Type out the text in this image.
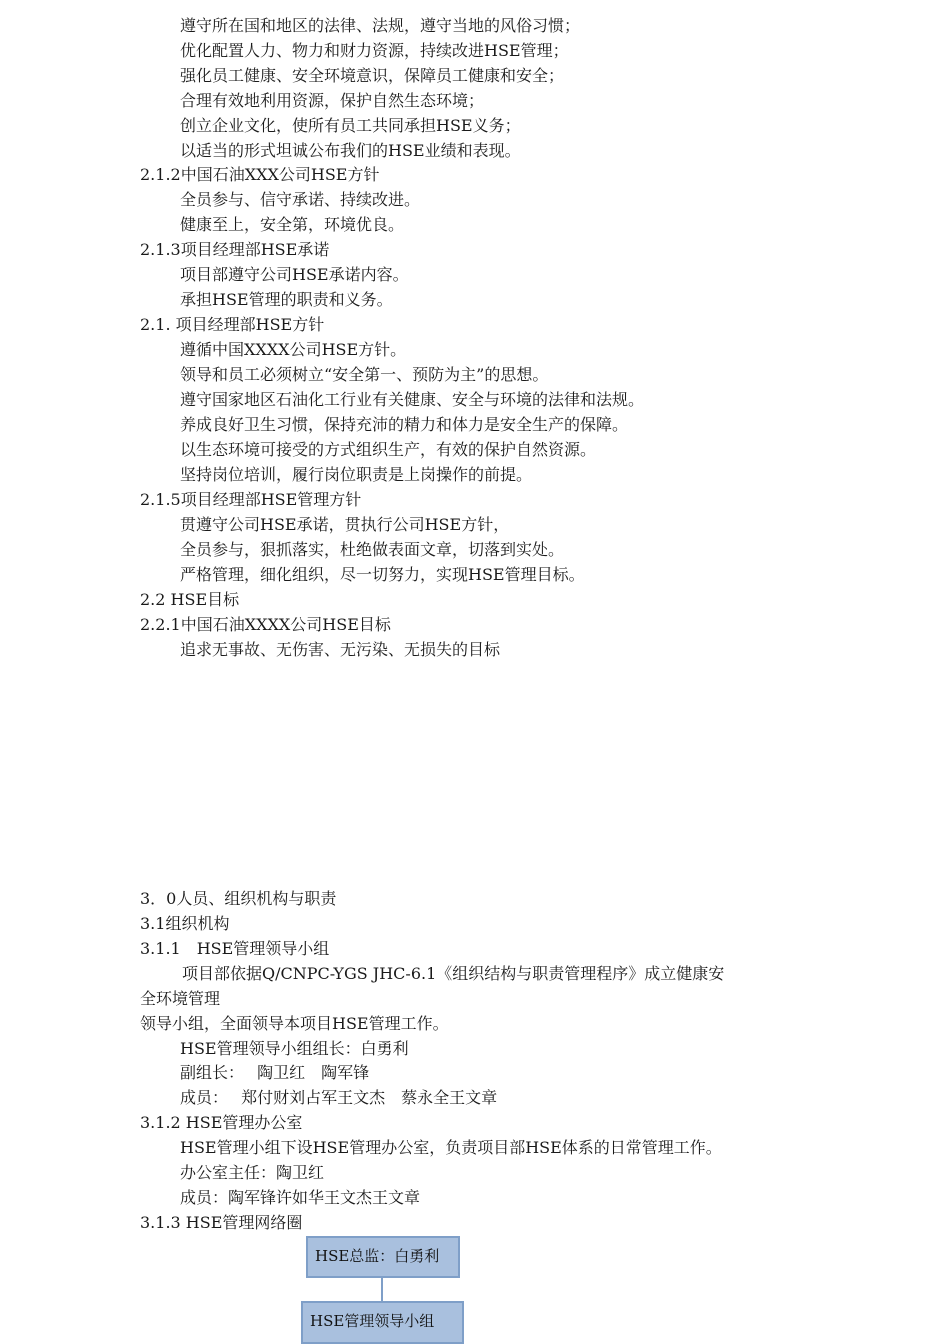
遵守所在国和地区的法律、法规，遵守当地的风俗习惯；
优化配置人力、物力和财力资源，持续改进HSE管理；
强化员工健康、安全环境意识，保障员工健康和安全；
合理有效地利用资源，保护自然生态环境；
创立企业文化，使所有员工共同承担HSE义务；
以适当的形式坦诚公布我们的HSE业绩和表现。
2.1.2中国石油XXX公司HSE方针
全员参与、信守承诺、持续改进。
健康至上，安全第，环境优良。
2.1.3项目经理部HSE承诺
项目部遵守公司HSE承诺内容。
承担HSE管理的职责和义务。
2.1. 项目经理部HSE方针
遵循中国XXXX公司HSE方针。
领导和员工必须树立“安全第一、预防为主”的思想。
遵守国家地区石油化工行业有关健康、安全与环境的法律和法规。
养成良好卫生习惯，保持充沛的精力和体力是安全生产的保障。
以生态环境可接受的方式组织生产，有效的保护自然资源。
坚持岗位培训，履行岗位职责是上岗操作的前提。
2.1.5项目经理部HSE管理方针
贯遵守公司HSE承诺，贯执行公司HSE方针，
全员参与，狠抓落实，杜绝做表面文章，切落到实处。
严格管理，细化组织，尽一切努力，实现HSE管理目标。
2.2 HSE目标
2.2.1中国石油XXXX公司HSE目标
追求无事故、无伤害、无污染、无损失的目标
3．0人员、组织机构与职责
3.1组织机构
3.1.1　HSE管理领导小组
项目部依据Q/CNPC-YGS JHC-6.1《组织结构与职责管理程序》成立健康安
全环境管理
领导小组，全面领导本项目HSE管理工作。
HSE管理领导小组组长：白勇利
副组长：　 陶卫红　陶军锋
成员：　 郑付财刘占军王文杰　蔡永全王文章
3.1.2 HSE管理办公室
HSE管理小组下设HSE管理办公室，负责项目部HSE体系的日常管理工作。
办公室主任：陶卫红
成员：陶军锋许如华王文杰王文章
3.1.3 HSE管理网络圈
HSE总监：白勇利
HSE管理领导小组
